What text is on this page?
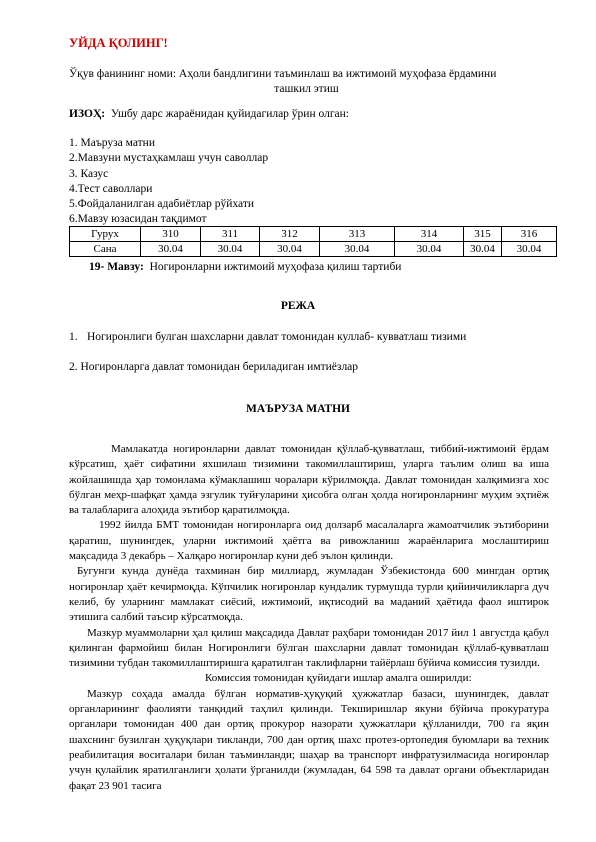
УЙДА ҚОЛИНГ!
Ўқув фанининг номи: Аҳоли бандлигини таъминлаш ва ижтимоий муҳофаза ёрдамини
ташкил этиш
ИЗОҲ: Ушбу дарс жараёнидан қуйидагилар ўрин олган:
1. Маъруза матни
2.Мавзуни мустаҳкамлаш учун саволлар
3. Казус
4.Тест саволлари
5.Фойдаланилган адабиётлар рўйхати
6.Мавзу юзасидан тақдимот
Гурух	310	311	312	313	314	315	316
Сана	30.04	30.04	30.04	30.04	30.04	30.04	30.04
19- Мавзу: Ногиронларни ижтимоий муҳофаза қилиш тартиби
РЕЖА
1. Ногиронлиги булган шахсларни давлат томонидан куллаб- кувватлаш тизими
2. Ногиронларга давлат томонидан бериладиган имтиёзлар
МАЪРУЗА МАТНИ

Мамлакатда ногиронларни давлат томонидан қўллаб-қувватлаш, тиббий-ижтимоий ёрдам кўрсатиш, ҳаёт сифатини яхшилаш тизимини такомиллаштириш, уларга таълим олиш ва иша жойлашишда ҳар томонлама кўмаклашиш чоралари кўрилмоқда. Давлат томонидан халқимизга хос бўлган меҳр-шафқат ҳамда эзгулик туйғуларини ҳисобга олган ҳолда ногиронларнинг муҳим эҳтиёж ва талабларига алоҳида эътибор қаратилмоқда.

1992 йилда БМТ томонидан ногиронларга оид долзарб масалаларга жамоатчилик эътиборини қаратиш, шунингдек, уларни ижтимоий ҳаётга ва ривожланиш жараёнларига мослаштириш мақсадида 3 декабрь – Халқаро ногиронлар куни деб эълон қилинди.

Бугунги кунда дунёда тахминан бир миллиард, жумладан Ўзбекистонда 600 мингдан ортиқ ногиронлар ҳаёт кечирмоқда. Кўпчилик ногиронлар кундалик турмушда турли қийинчиликларга дуч келиб, бу уларнинг мамлакат сиёсий, ижтимоий, иқтисодий ва маданий ҳаётида фаол иштирок этишига салбий таъсир кўрсатмоқда.

Мазкур муаммоларни ҳал қилиш мақсадида Давлат раҳбари томонидан 2017 йил 1 августда қабул қилинган фармойиш билан Ногиронлиги бўлган шахсларни давлат томонидан қўллаб-қувватлаш тизимини тубдан такомиллаштиришга қаратилган таклифларни тайёрлаш бўйича комиссия тузилди.

Комиссия томонидан қуйидаги ишлар амалга оширилди:

Мазкур соҳада амалда бўлган норматив-ҳуқуқий ҳужжатлар базаси, шунингдек, давлат органларининг фаолияти танқидий таҳлил қилинди. Текширишлар якуни бўйича прокуратура органлари томонидан 400 дан ортиқ прокурор назорати ҳужжатлари қўлланилди, 700 га яқин шахснинг бузилган ҳуқуқлари тикланди, 700 дан ортиқ шахс протез-ортопедия буюмлари ва техник реабилитация воситалари билан таъминланди; шаҳар ва транспорт инфратузилмасида ногиронлар учун қулайлик яратилганлиги ҳолати ўрганилди (жумладан, 64 598 та давлат органи объектларидан фақат 23 901 тасига
